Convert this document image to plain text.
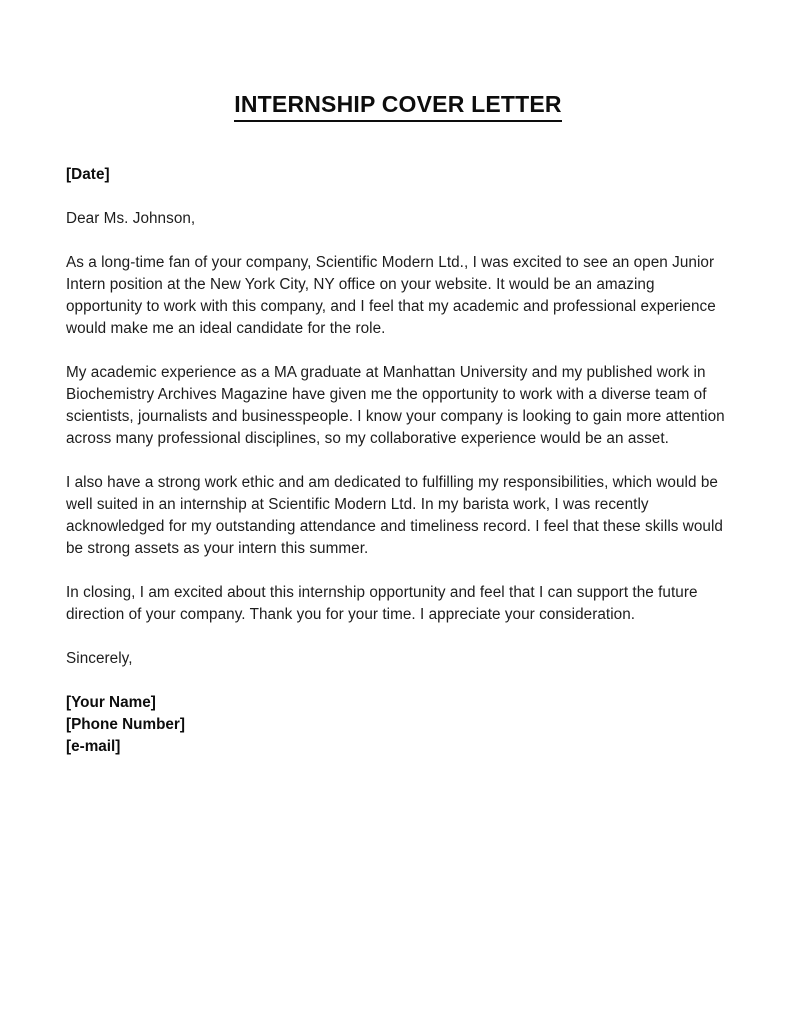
INTERNSHIP COVER LETTER

[Date]

Dear Ms. Johnson,

As a long-time fan of your company, Scientific Modern Ltd., I was excited to see an open Junior Intern position at the New York City, NY office on your website. It would be an amazing opportunity to work with this company, and I feel that my academic and professional experience would make me an ideal candidate for the role.

My academic experience as a MA graduate at Manhattan University and my published work in Biochemistry Archives Magazine have given me the opportunity to work with a diverse team of scientists, journalists and businesspeople. I know your company is looking to gain more attention across many professional disciplines, so my collaborative experience would be an asset.

I also have a strong work ethic and am dedicated to fulfilling my responsibilities, which would be well suited in an internship at Scientific Modern Ltd. In my barista work, I was recently acknowledged for my outstanding attendance and timeliness record. I feel that these skills would be strong assets as your intern this summer.

In closing, I am excited about this internship opportunity and feel that I can support the future direction of your company. Thank you for your time. I appreciate your consideration.

Sincerely,

[Your Name]
[Phone Number]
[e-mail]
